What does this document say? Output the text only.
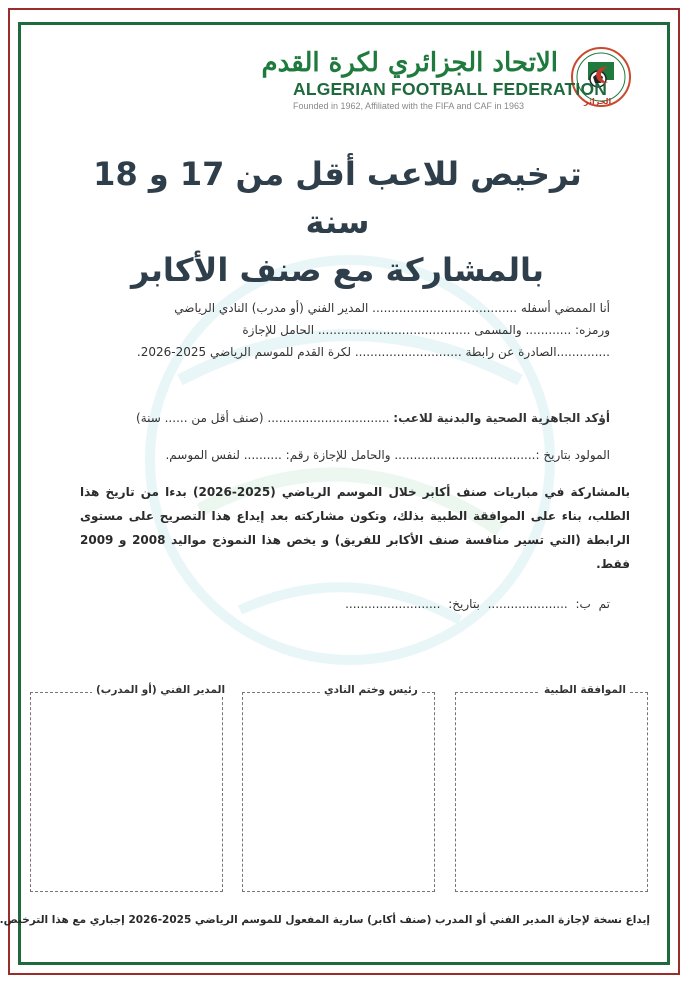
الجزائر
الاتحاد الجزائري لكرة القدم
ALGERIAN FOOTBALL FEDERATION
Founded in 1962, Affiliated with the FIFA and CAF in 1963
ترخيص للاعب أقل من 17 و 18 سنة
بالمشاركة مع صنف الأكابر
أنا الممضي أسفله ...................................... المدير الفني (أو مدرب) النادي الرياضي
ورمزه: ............ والمسمى ........................................ الحامل للإجازة
..............الصادرة عن رابطة ............................ لكرة القدم للموسم الرياضي 2025-2026.
أؤكد الجاهزية الصحية والبدنية للاعب: ................................ (صنف أقل من ...... سنة)
المولود بتاريخ :..................................... والحامل للإجازة رقم: .......... لنفس الموسم.
بالمشاركة في مباريات صنف أكابر خلال الموسم الرياضي (2025-2026) بدءا من تاريخ هذا الطلب، بناء على الموافقة الطبية بذلك، وتكون مشاركته بعد إيداع هذا التصريح على مستوى الرابطة (التي تسير منافسة صنف الأكابر للفريق) و يخص هذا النموذج مواليد 2008 و 2009 فقط.
تم ب: ..................... بتاريخ: .........................
الموافقة الطبية
رئيس وختم النادي
المدير الفني (أو المدرب)
إيداع نسخة لإجازة المدير الفني أو المدرب (صنف أكابر) سارية المفعول للموسم الرياضي 2025-2026 إجباري مع هذا الترخيص.
